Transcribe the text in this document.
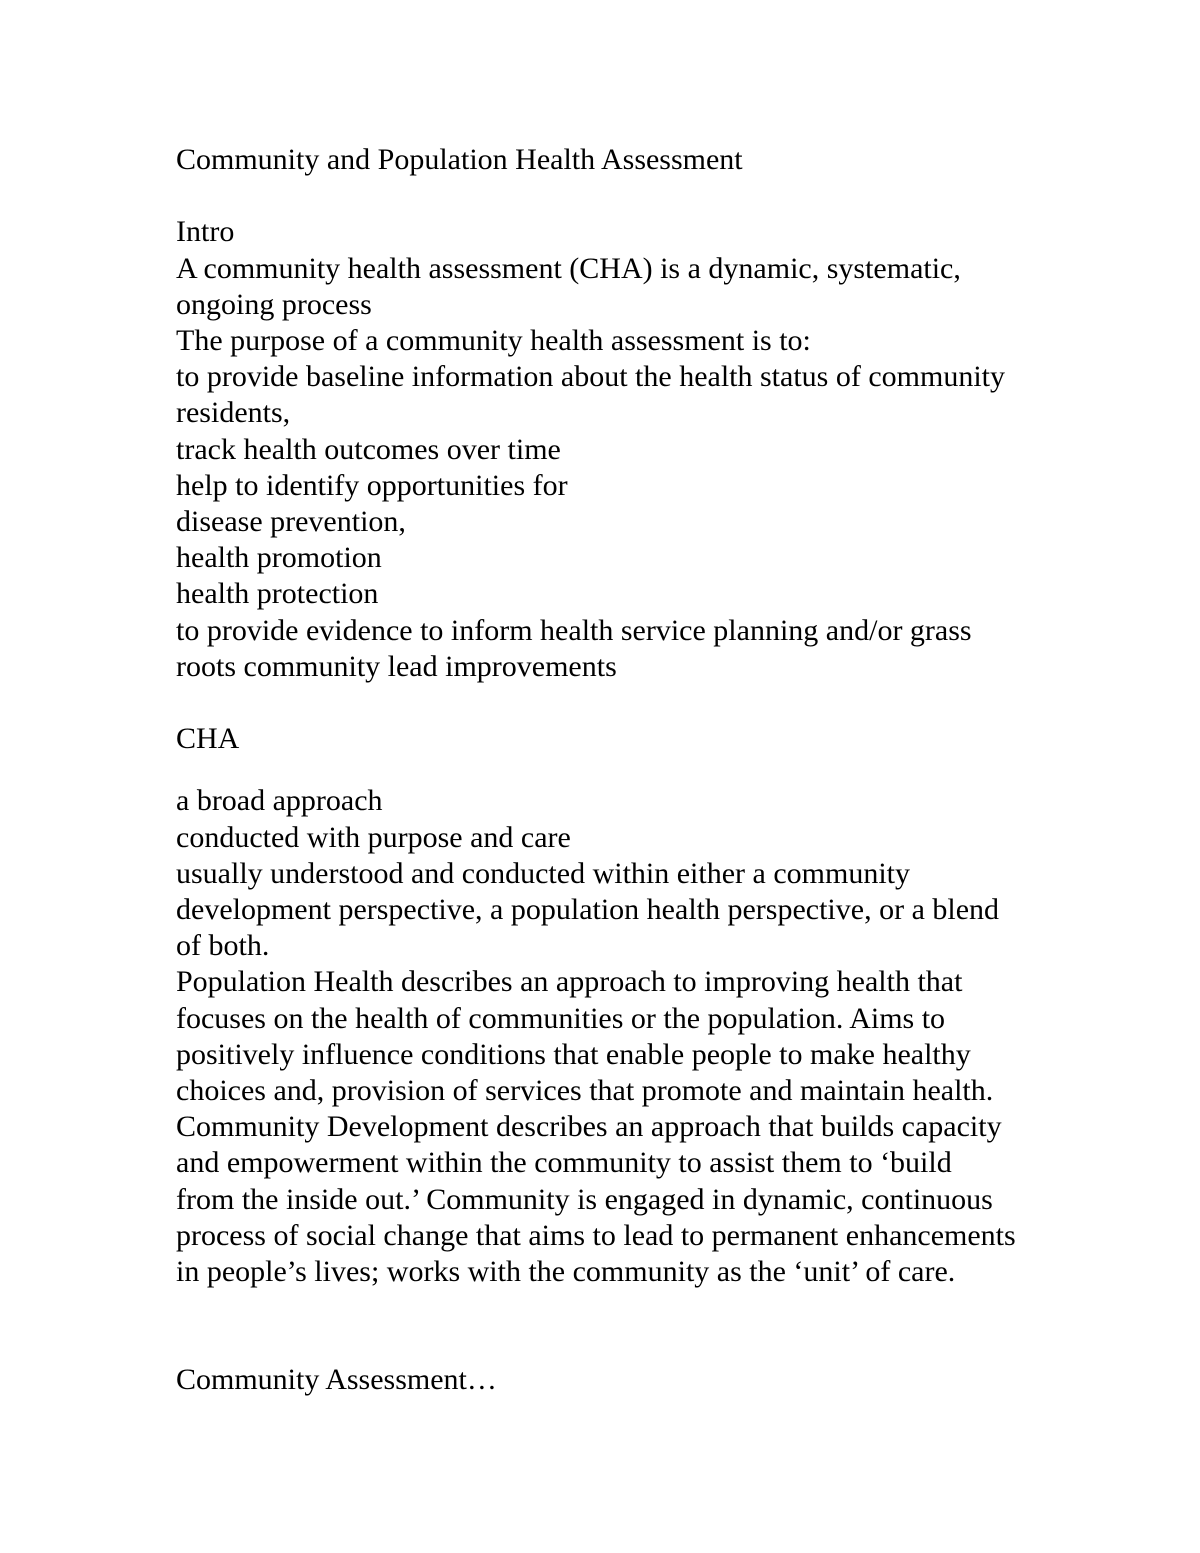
Community and Population Health Assessment
Intro
A community health assessment (CHA) is a dynamic, systematic,
ongoing process
The purpose of a community health assessment is to:
to provide baseline information about the health status of community
residents,
track health outcomes over time
help to identify opportunities for
disease prevention,
health promotion
health protection
to provide evidence to inform health service planning and/or grass
roots community lead improvements
CHA
a broad approach
conducted with purpose and care
usually understood and conducted within either a community
development perspective, a population health perspective, or a blend
of both.
Population Health describes an approach to improving health that
focuses on the health of communities or the population. Aims to
positively influence conditions that enable people to make healthy
choices and, provision of services that promote and maintain health.
Community Development describes an approach that builds capacity
and empowerment within the community to assist them to ‘build
from the inside out.’ Community is engaged in dynamic, continuous
process of social change that aims to lead to permanent enhancements
in people’s lives; works with the community as the ‘unit’ of care.
Community Assessment…
